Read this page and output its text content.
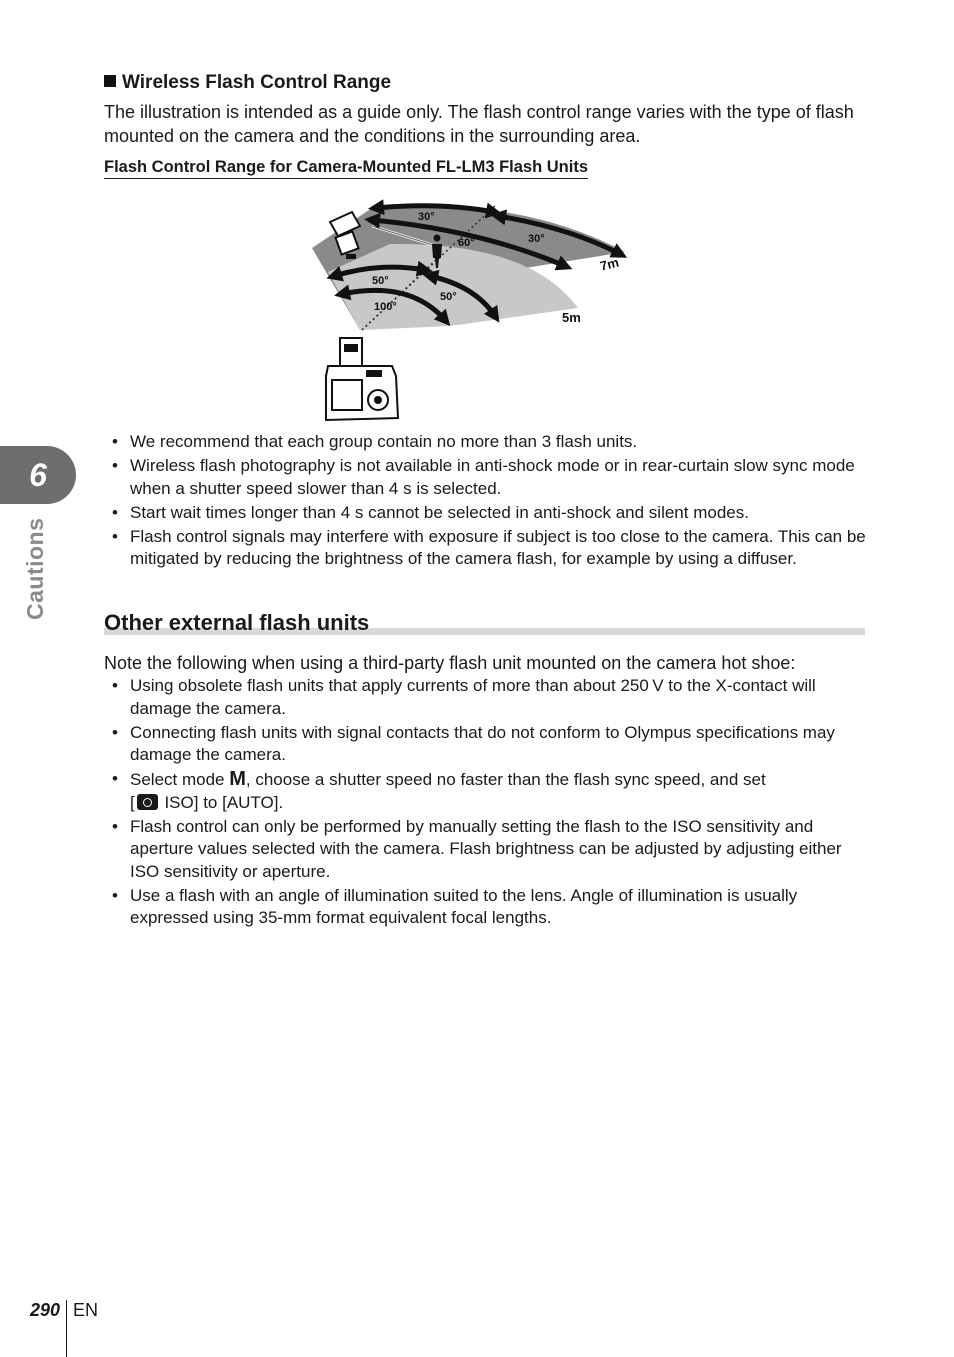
6
Cautions
Wireless Flash Control Range
The illustration is intended as a guide only. The flash control range varies with the type of flash mounted on the camera and the conditions in the surrounding area.
Flash Control Range for Camera-Mounted FL-LM3 Flash Units
30°
60°	30°
50°
100°
50°
7m
5m
• We recommend that each group contain no more than 3 flash units.
• Wireless flash photography is not available in anti-shock mode or in rear-curtain slow sync mode when a shutter speed slower than 4 s is selected.
• Start wait times longer than 4 s cannot be selected in anti-shock and silent modes.
• Flash control signals may interfere with exposure if subject is too close to the camera. This can be mitigated by reducing the brightness of the camera flash, for example by using a diffuser.
Other external flash units
Note the following when using a third-party flash unit mounted on the camera hot shoe:
• Using obsolete flash units that apply currents of more than about 250 V to the X-contact will damage the camera.
• Connecting flash units with signal contacts that do not conform to Olympus specifications may damage the camera.
• Select mode M, choose a shutter speed no faster than the flash sync speed, and set
[ ISO] to [AUTO].
• Flash control can only be performed by manually setting the flash to the ISO sensitivity and aperture values selected with the camera. Flash brightness can be adjusted by adjusting either ISO sensitivity or aperture.
• Use a flash with an angle of illumination suited to the lens. Angle of illumination is usually expressed using 35-mm format equivalent focal lengths.
290 EN
